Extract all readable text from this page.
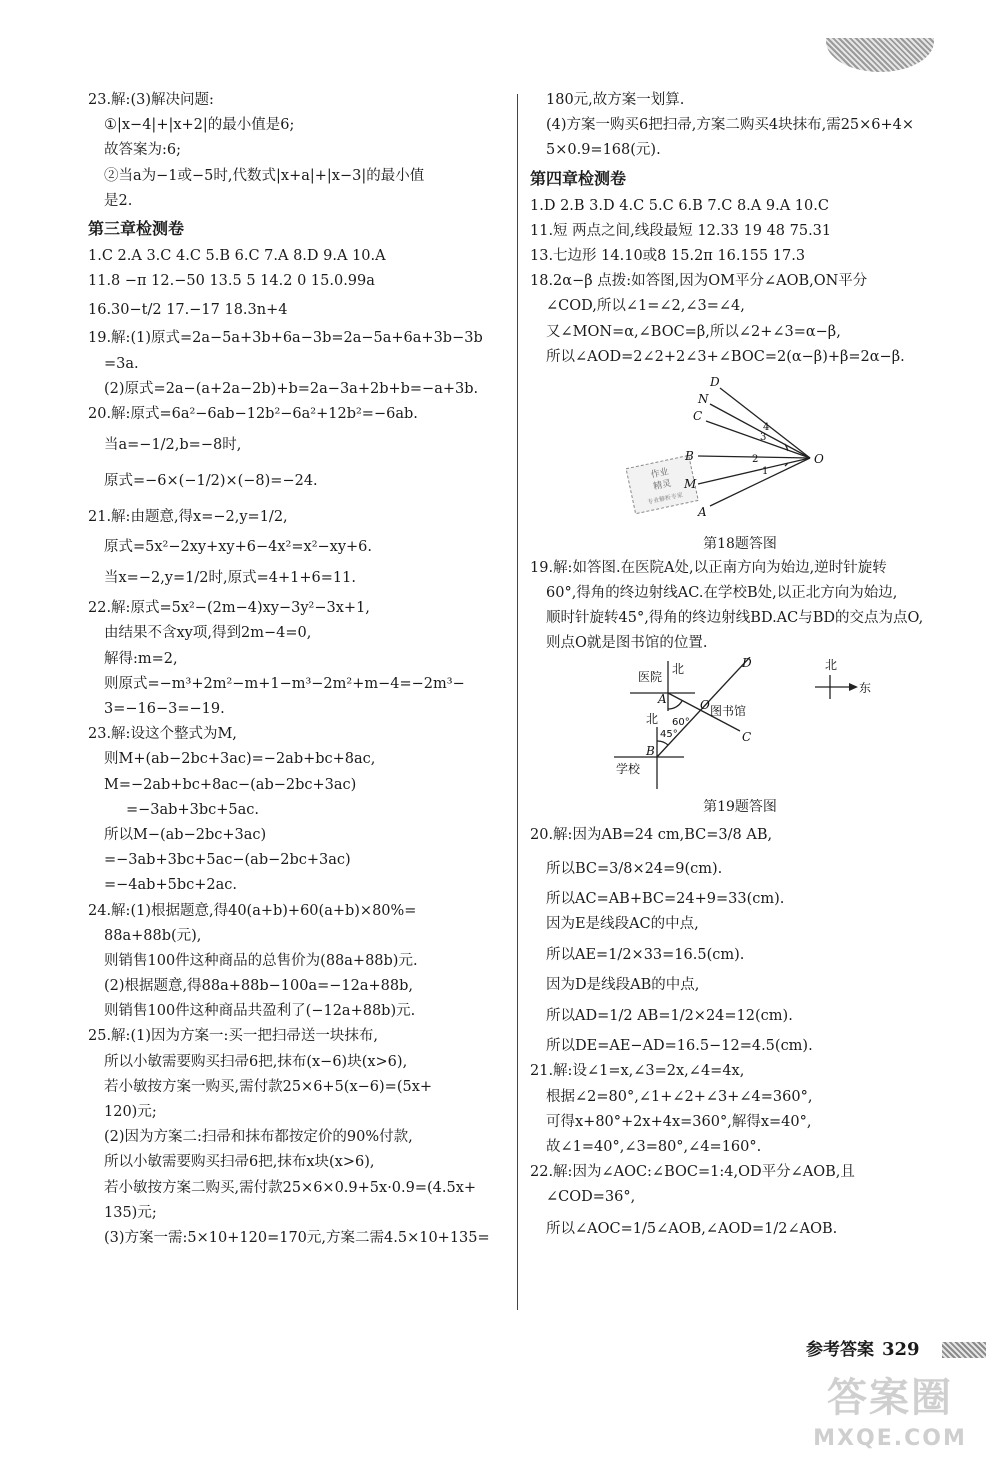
23.解:(3)解决问题:
①|x−4|+|x+2|的最小值是6;
故答案为:6;
②当a为−1或−5时,代数式|x+a|+|x−3|的最小值
是2.
第三章检测卷
1.C 2.A 3.C 4.C 5.B 6.C 7.A 8.D 9.A 10.A
11.8 −π 12.−50 13.5 5 14.2 0 15.0.99a
16.30−t/2 17.−17 18.3n+4
19.解:(1)原式=2a−5a+3b+6a−3b=2a−5a+6a+3b−3b
=3a.
(2)原式=2a−(a+2a−2b)+b=2a−3a+2b+b=−a+3b.
20.解:原式=6a²−6ab−12b²−6a²+12b²=−6ab.
当a=−1/2,b=−8时,
原式=−6×(−1/2)×(−8)=−24.
21.解:由题意,得x=−2,y=1/2,
原式=5x²−2xy+xy+6−4x²=x²−xy+6.
当x=−2,y=1/2时,原式=4+1+6=11.
22.解:原式=5x²−(2m−4)xy−3y²−3x+1,
由结果不含xy项,得到2m−4=0,
解得:m=2,
则原式=−m³+2m²−m+1−m³−2m²+m−4=−2m³−
3=−16−3=−19.
23.解:设这个整式为M,
则M+(ab−2bc+3ac)=−2ab+bc+8ac,
M=−2ab+bc+8ac−(ab−2bc+3ac)
=−3ab+3bc+5ac.
所以M−(ab−2bc+3ac)
=−3ab+3bc+5ac−(ab−2bc+3ac)
=−4ab+5bc+2ac.
24.解:(1)根据题意,得40(a+b)+60(a+b)×80%=
88a+88b(元),
则销售100件这种商品的总售价为(88a+88b)元.
(2)根据题意,得88a+88b−100a=−12a+88b,
则销售100件这种商品共盈利了(−12a+88b)元.
25.解:(1)因为方案一:买一把扫帚送一块抹布,
所以小敏需要购买扫帚6把,抹布(x−6)块(x>6),
若小敏按方案一购买,需付款25×6+5(x−6)=(5x+
120)元;
(2)因为方案二:扫帚和抹布都按定价的90%付款,
所以小敏需要购买扫帚6把,抹布x块(x>6),
若小敏按方案二购买,需付款25×6×0.9+5x·0.9=(4.5x+
135)元;
(3)方案一需:5×10+120=170元,方案二需4.5×10+135=
180元,故方案一划算.
(4)方案一购买6把扫帚,方案二购买4块抹布,需25×6+4×
5×0.9=168(元).
第四章检测卷
1.D 2.B 3.D 4.C 5.C 6.B 7.C 8.A 9.A 10.C
11.短 两点之间,线段最短 12.33 19 48 75.31
13.七边形 14.10或8 15.2π 16.155 17.3
18.2α−β 点拨:如答图,因为OM平分∠AOB,ON平分
∠COD,所以∠1=∠2,∠3=∠4,
又∠MON=α,∠BOC=β,所以∠2+∠3=α−β,
所以∠AOD=2∠2+2∠3+∠BOC=2(α−β)+β=2α−β.
作业
精灵
专业解析专家
D
N
C
B
M
A
O
1
2
3
4
第18题答图
19.解:如答图.在医院A处,以正南方向为始边,逆时针旋转
60°,得角的终边射线AC.在学校B处,以正北方向为始边,
顺时针旋转45°,得角的终边射线BD.AC与BD的交点为点O,
则点O就是图书馆的位置.
医院
北
北
图书馆
学校
北
东
45°
60°
A
B
C
D
O
第19题答图
20.解:因为AB=24 cm,BC=3/8 AB,
所以BC=3/8×24=9(cm).
所以AC=AB+BC=24+9=33(cm).
因为E是线段AC的中点,
所以AE=1/2×33=16.5(cm).
因为D是线段AB的中点,
所以AD=1/2 AB=1/2×24=12(cm).
所以DE=AE−AD=16.5−12=4.5(cm).
21.解:设∠1=x,∠3=2x,∠4=4x,
根据∠2=80°,∠1+∠2+∠3+∠4=360°,
可得x+80°+2x+4x=360°,解得x=40°,
故∠1=40°,∠3=80°,∠4=160°.
22.解:因为∠AOC:∠BOC=1:4,OD平分∠AOB,且
∠COD=36°,
所以∠AOC=1/5∠AOB,∠AOD=1/2∠AOB.
参考答案 329
答案圈
MXQE.COM
